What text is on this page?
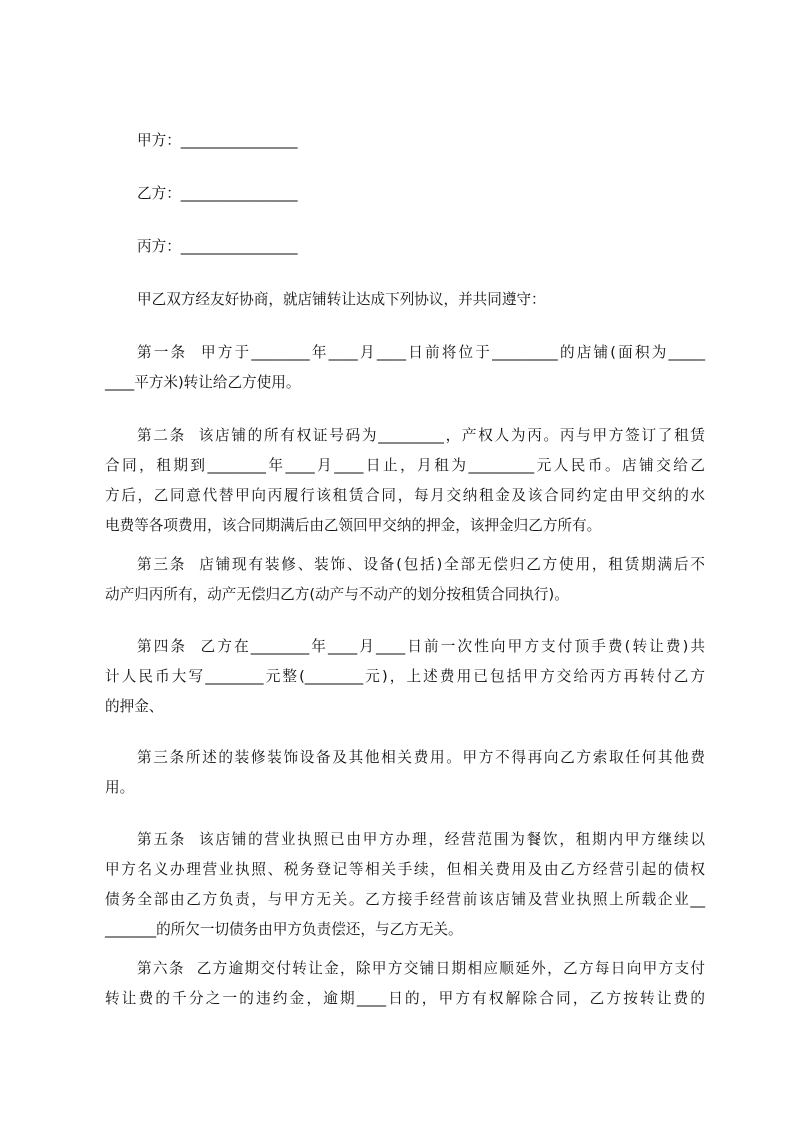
甲方：________________
乙方：________________
丙方：________________
甲乙双方经友好协商，就店铺转让达成下列协议，并共同遵守：
第一条  甲方于________年____月____日前将位于_________的店铺(面积为_____
____平方米)转让给乙方使用。
第二条  该店铺的所有权证号码为_________，产权人为丙。丙与甲方签订了租赁
合同，租期到________年____月____日止，月租为_________元人民币。店铺交给乙
方后，乙同意代替甲向丙履行该租赁合同，每月交纳租金及该合同约定由甲交纳的水
电费等各项费用，该合同期满后由乙领回甲交纳的押金，该押金归乙方所有。
第三条  店铺现有装修、装饰、设备(包括)全部无偿归乙方使用，租赁期满后不
动产归丙所有，动产无偿归乙方(动产与不动产的划分按租赁合同执行)。
第四条  乙方在________年____月____日前一次性向甲方支付顶手费(转让费)共
计人民币大写________元整(________元)，上述费用已包括甲方交给丙方再转付乙方
的押金、
第三条所述的装修装饰设备及其他相关费用。甲方不得再向乙方索取任何其他费
用。
第五条  该店铺的营业执照已由甲方办理，经营范围为餐饮，租期内甲方继续以
甲方名义办理营业执照、税务登记等相关手续，但相关费用及由乙方经营引起的债权
债务全部由乙方负责，与甲方无关。乙方接手经营前该店铺及营业执照上所载企业__
_______的所欠一切债务由甲方负责偿还，与乙方无关。
第六条  乙方逾期交付转让金，除甲方交铺日期相应顺延外，乙方每日向甲方支付
转让费的千分之一的违约金，逾期____日的，甲方有权解除合同，乙方按转让费的
